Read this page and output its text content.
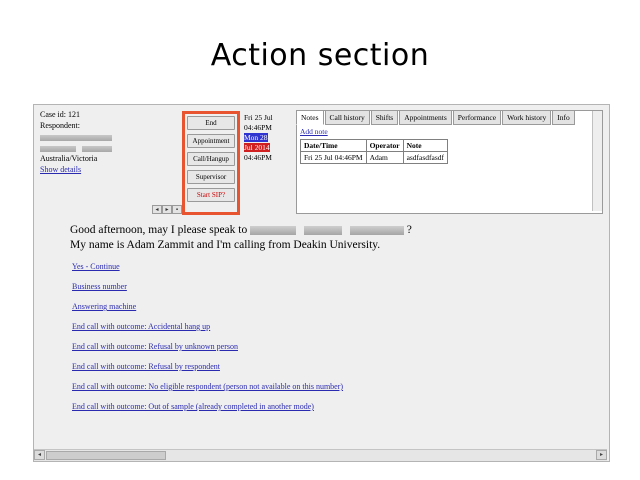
Action section
Case id: 121
Respondent:

Australia/Victoria
Show details
End
Appointment
Call/Hangup
Supervisor
Start SIP?
Fri 25 Jul
04:46PM
Mon 28
Jul 2014
04:46PM
◂	▸	▪
Notes	Call history	Shifts	Appointments	Performance	Work history	Info
Add note
Date/Time	Operator	Note
Fri 25 Jul 04:46PM	Adam	asdfasdfasdf
Good afternoon, may I please speak to	?
My name is Adam Zammit and I'm calling from Deakin University.
Yes - Continue
Business number
Answering machine
End call with outcome: Accidental hang up
End call with outcome: Refusal by unknown person
End call with outcome: Refusal by respondent
End call with outcome: No eligible respondent (person not available on this number)
End call with outcome: Out of sample (already completed in another mode)
◂	▸
